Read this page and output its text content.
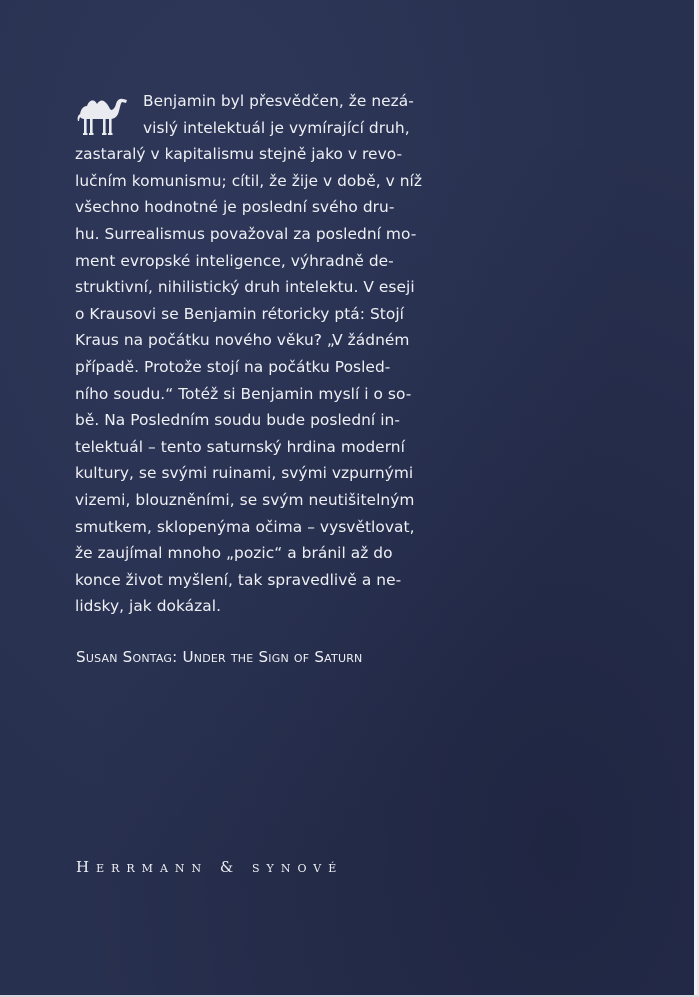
Benjamin byl přesvědčen, že nezá-
vislý intelektuál je vymírající druh,
zastaralý v kapitalismu stejně jako v revo-
lučním komunismu; cítil, že žije v době, v níž
všechno hodnotné je poslední svého dru-
hu. Surrealismus považoval za poslední mo-
ment evropské inteligence, výhradně de-
struktivní, nihilistický druh intelektu. V eseji
o Krausovi se Benjamin rétoricky ptá: Stojí
Kraus na počátku nového věku? „V žádném
případě. Protože stojí na počátku Posled-
ního soudu.“ Totéž si Benjamin myslí i o so-
bě. Na Posledním soudu bude poslední in-
telektuál – tento saturnský hrdina moderní
kultury, se svými ruinami, svými vzpurnými
vizemi, blouzněními, se svým neutišitelným
smutkem, sklopenýma očima – vysvětlovat,
že zaujímal mnoho „pozic“ a bránil až do
konce život myšlení, tak spravedlivě a ne-
lidsky, jak dokázal.

Susan Sontag: Under the Sign of Saturn
Herrmann & synové
